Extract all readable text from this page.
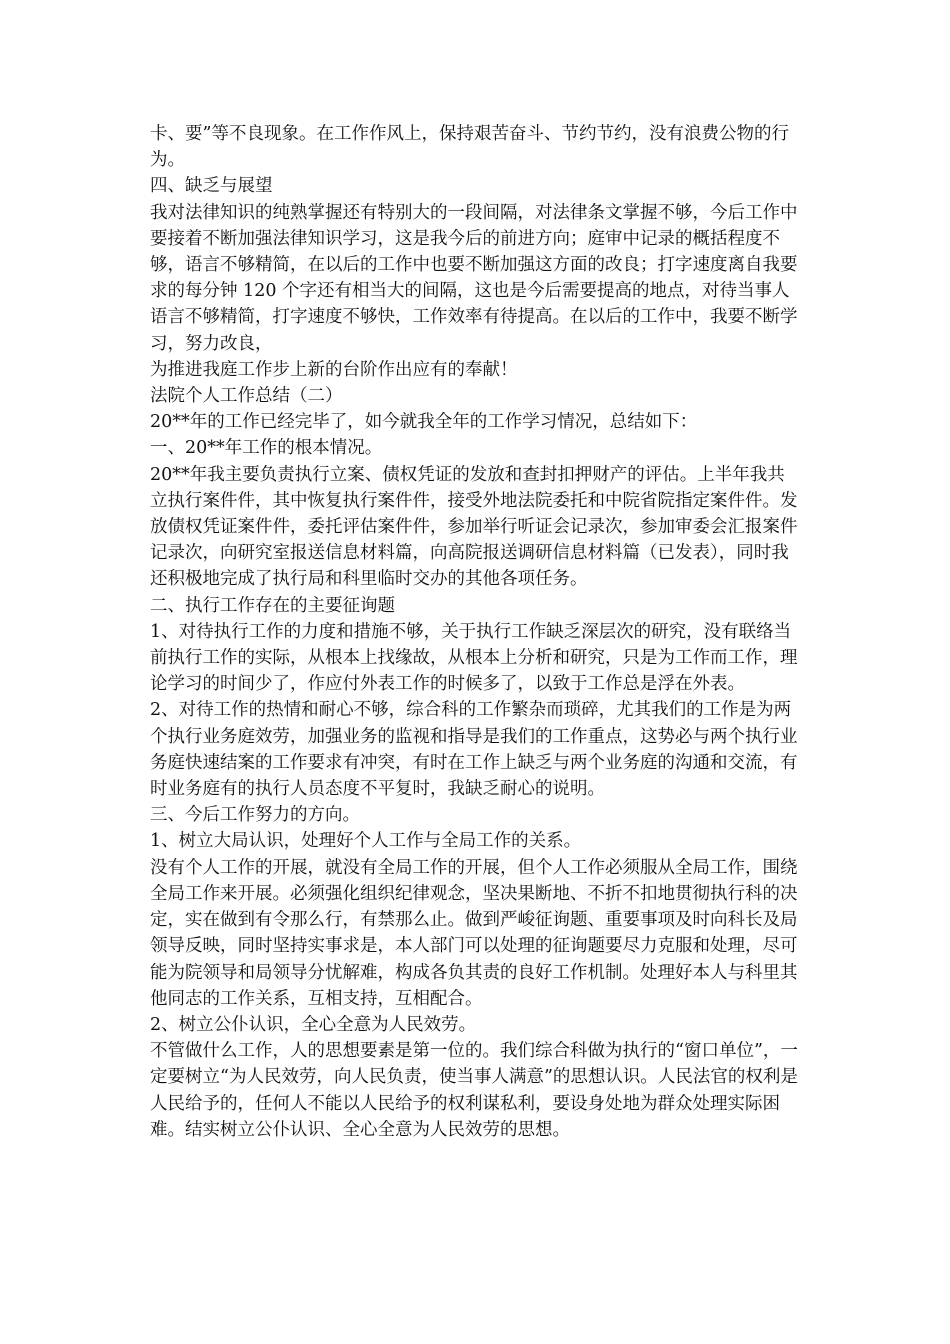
卡、要”等不良现象。在工作作风上，保持艰苦奋斗、节约节约，没有浪费公物的行为。

四、缺乏与展望

我对法律知识的纯熟掌握还有特别大的一段间隔，对法律条文掌握不够，今后工作中要接着不断加强法律知识学习，这是我今后的前进方向；庭审中记录的概括程度不够，语言不够精简，在以后的工作中也要不断加强这方面的改良；打字速度离自我要求的每分钟 120 个字还有相当大的间隔，这也是今后需要提高的地点，对待当事人语言不够精简，打字速度不够快，工作效率有待提高。在以后的工作中，我要不断学习，努力改良，

为推进我庭工作步上新的台阶作出应有的奉献！

法院个人工作总结（二）

20**年的工作已经完毕了，如今就我全年的工作学习情况，总结如下：

一、20**年工作的根本情况。

20**年我主要负责执行立案、债权凭证的发放和查封扣押财产的评估。上半年我共立执行案件件，其中恢复执行案件件，接受外地法院委托和中院省院指定案件件。发放债权凭证案件件，委托评估案件件，参加举行听证会记录次，参加审委会汇报案件记录次，向研究室报送信息材料篇，向高院报送调研信息材料篇（已发表），同时我还积极地完成了执行局和科里临时交办的其他各项任务。

二、执行工作存在的主要征询题

1、对待执行工作的力度和措施不够，关于执行工作缺乏深层次的研究，没有联络当前执行工作的实际，从根本上找缘故，从根本上分析和研究，只是为工作而工作，理论学习的时间少了，作应付外表工作的时候多了，以致于工作总是浮在外表。

2、对待工作的热情和耐心不够，综合科的工作繁杂而琐碎，尤其我们的工作是为两个执行业务庭效劳，加强业务的监视和指导是我们的工作重点，这势必与两个执行业务庭快速结案的工作要求有冲突，有时在工作上缺乏与两个业务庭的沟通和交流，有时业务庭有的执行人员态度不平复时，我缺乏耐心的说明。

三、今后工作努力的方向。

1、树立大局认识，处理好个人工作与全局工作的关系。

没有个人工作的开展，就没有全局工作的开展，但个人工作必须服从全局工作，围绕全局工作来开展。必须强化组织纪律观念，坚决果断地、不折不扣地贯彻执行科的决定，实在做到有令那么行，有禁那么止。做到严峻征询题、重要事项及时向科长及局领导反映，同时坚持实事求是，本人部门可以处理的征询题要尽力克服和处理，尽可能为院领导和局领导分忧解难，构成各负其责的良好工作机制。处理好本人与科里其他同志的工作关系，互相支持，互相配合。

2、树立公仆认识，全心全意为人民效劳。

不管做什么工作，人的思想要素是第一位的。我们综合科做为执行的“窗口单位”，一定要树立“为人民效劳，向人民负责，使当事人满意”的思想认识。人民法官的权利是人民给予的，任何人不能以人民给予的权利谋私利，要设身处地为群众处理实际困难。结实树立公仆认识、全心全意为人民效劳的思想。
